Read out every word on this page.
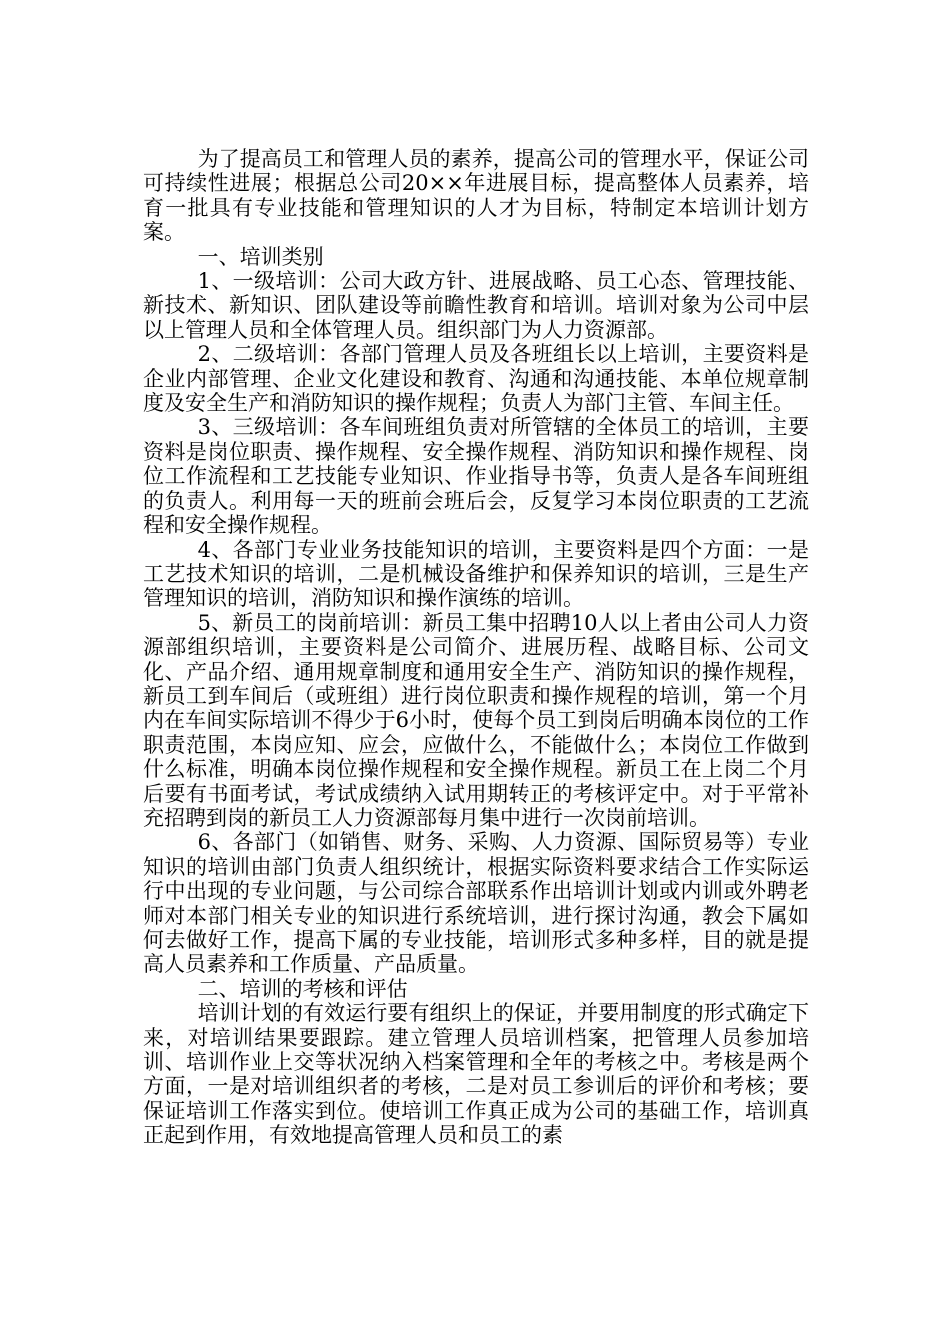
为了提高员工和管理人员的素养，提高公司的管理水平，保证公司可持续性进展；根据总公司20××年进展目标，提高整体人员素养，培育一批具有专业技能和管理知识的人才为目标，特制定本培训计划方案。

一、培训类别

1、一级培训：公司大政方针、进展战略、员工心态、管理技能、新技术、新知识、团队建设等前瞻性教育和培训。培训对象为公司中层以上管理人员和全体管理人员。组织部门为人力资源部。

2、二级培训：各部门管理人员及各班组长以上培训，主要资料是企业内部管理、企业文化建设和教育、沟通和沟通技能、本单位规章制度及安全生产和消防知识的操作规程；负责人为部门主管、车间主任。

3、三级培训：各车间班组负责对所管辖的全体员工的培训，主要资料是岗位职责、操作规程、安全操作规程、消防知识和操作规程、岗位工作流程和工艺技能专业知识、作业指导书等，负责人是各车间班组的负责人。利用每一天的班前会班后会，反复学习本岗位职责的工艺流程和安全操作规程。

4、各部门专业业务技能知识的培训，主要资料是四个方面：一是工艺技术知识的培训，二是机械设备维护和保养知识的培训，三是生产管理知识的培训，消防知识和操作演练的培训。

5、新员工的岗前培训：新员工集中招聘10人以上者由公司人力资源部组织培训，主要资料是公司简介、进展历程、战略目标、公司文化、产品介绍、通用规章制度和通用安全生产、消防知识的操作规程，新员工到车间后（或班组）进行岗位职责和操作规程的培训，第一个月内在车间实际培训不得少于6小时，使每个员工到岗后明确本岗位的工作职责范围，本岗应知、应会，应做什么，不能做什么；本岗位工作做到什么标准，明确本岗位操作规程和安全操作规程。新员工在上岗二个月后要有书面考试，考试成绩纳入试用期转正的考核评定中。对于平常补充招聘到岗的新员工人力资源部每月集中进行一次岗前培训。

6、各部门（如销售、财务、采购、人力资源、国际贸易等）专业知识的培训由部门负责人组织统计，根据实际资料要求结合工作实际运行中出现的专业问题，与公司综合部联系作出培训计划或内训或外聘老师对本部门相关专业的知识进行系统培训，进行探讨沟通，教会下属如何去做好工作，提高下属的专业技能，培训形式多种多样，目的就是提高人员素养和工作质量、产品质量。

二、培训的考核和评估

培训计划的有效运行要有组织上的保证，并要用制度的形式确定下来，对培训结果要跟踪。建立管理人员培训档案，把管理人员参加培训、培训作业上交等状况纳入档案管理和全年的考核之中。考核是两个方面，一是对培训组织者的考核，二是对员工参训后的评价和考核；要保证培训工作落实到位。使培训工作真正成为公司的基础工作，培训真正起到作用，有效地提高管理人员和员工的素
